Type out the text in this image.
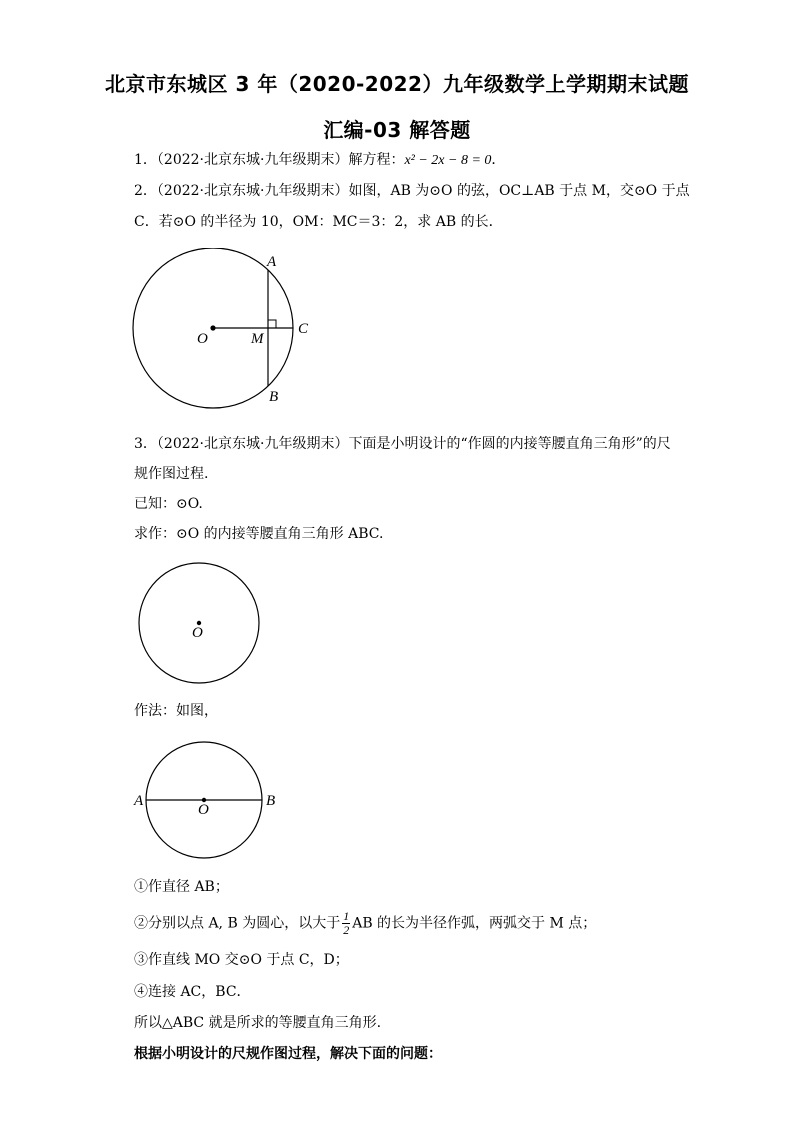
北京市东城区 3 年（2020-2022）九年级数学上学期期末试题
汇编-03 解答题
1．（2022·北京东城·九年级期末）解方程：x² − 2x − 8 = 0．
2．（2022·北京东城·九年级期末）如图，AB 为⊙O 的弦，OC⊥AB 于点 M，交⊙O 于点
C．若⊙O 的半径为 10，OM：MC＝3：2，求 AB 的长．
A
B
C
O	M
3．（2022·北京东城·九年级期末）下面是小明设计的“作圆的内接等腰直角三角形”的尺
规作图过程.
已知：⊙O.
求作：⊙O 的内接等腰直角三角形 ABC.
O
作法：如图，
A	B
O
①作直径 AB；
②分别以点 A, B 为圆心，以大于 $\frac{1}{2}$ AB 的长为半径作弧，两弧交于 M 点；
③作直线 MO 交⊙O 于点 C，D；
④连接 AC，BC．
所以△ABC 就是所求的等腰直角三角形.
根据小明设计的尺规作图过程，解决下面的问题：
